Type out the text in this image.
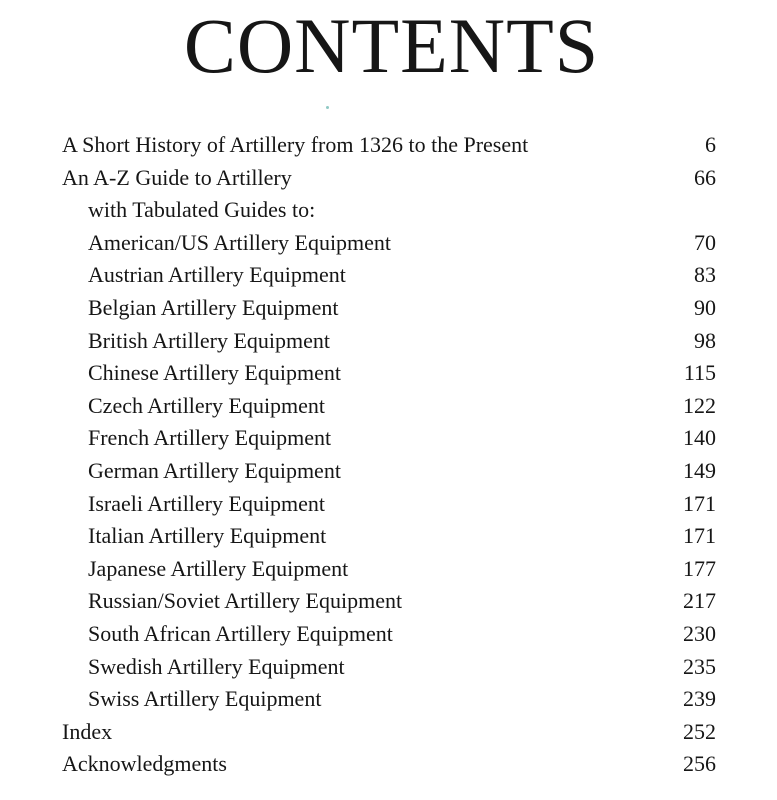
CONTENTS
A Short History of Artillery from 1326 to the Present	6
An A-Z Guide to Artillery	66
with Tabulated Guides to:
American/US Artillery Equipment	70
Austrian Artillery Equipment	83
Belgian Artillery Equipment	90
British Artillery Equipment	98
Chinese Artillery Equipment	115
Czech Artillery Equipment	122
French Artillery Equipment	140
German Artillery Equipment	149
Israeli Artillery Equipment	171
Italian Artillery Equipment	171
Japanese Artillery Equipment	177
Russian/Soviet Artillery Equipment	217
South African Artillery Equipment	230
Swedish Artillery Equipment	235
Swiss Artillery Equipment	239
Index	252
Acknowledgments	256
